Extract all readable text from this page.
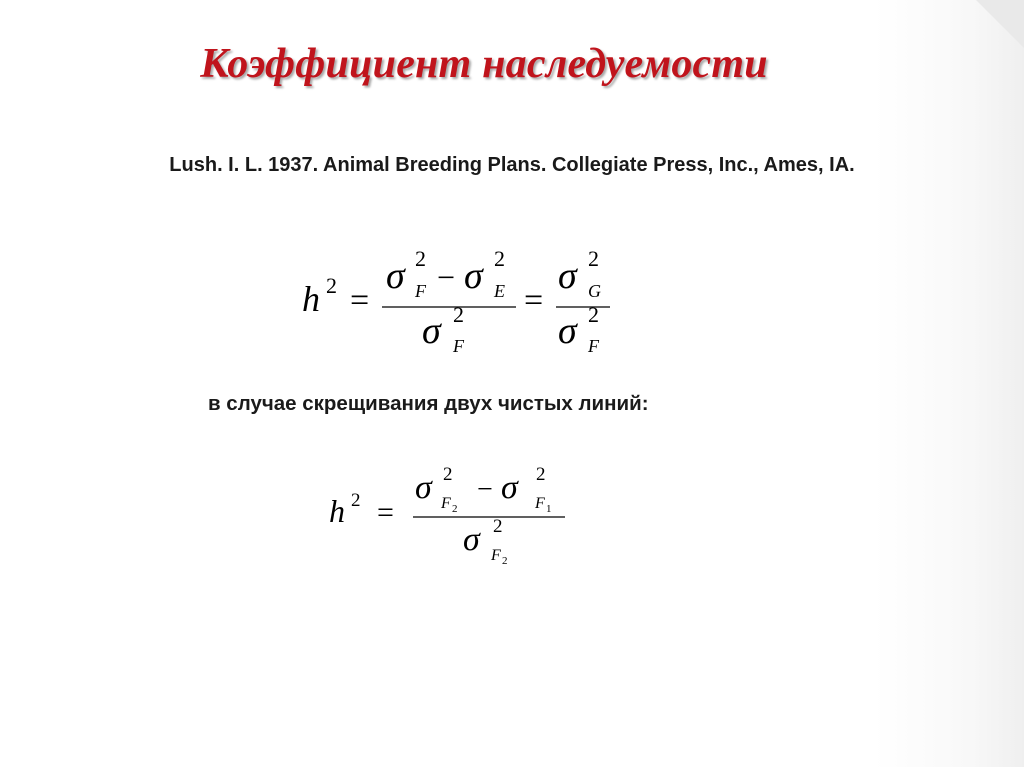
Коэффициент наследуемости
Lush. I. L. 1937. Animal Breeding Plans. Collegiate Press, Inc., Ames, IA.
h 2 =
σ 2
F − σ 2
E
σ 2
F
=
σ 2
G
σ 2
F
в случае скрещивания двух чистых линий:
h 2 =
σ 2
F 2
− σ 2
F 1
σ 2
F 2
